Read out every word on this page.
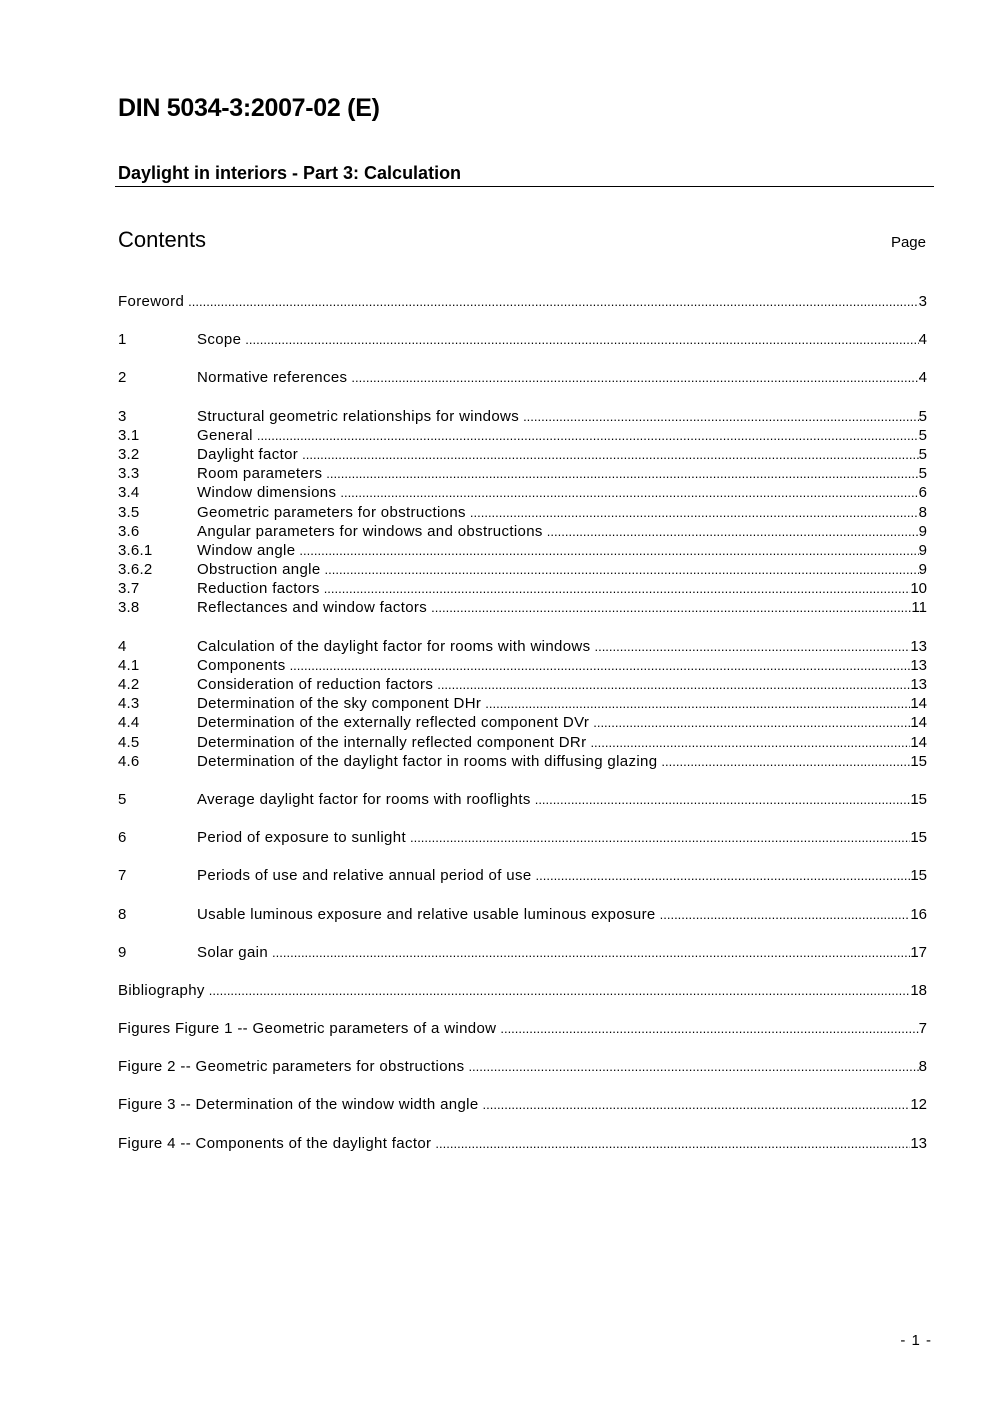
DIN 5034-3:2007-02 (E)
Daylight in interiors - Part 3: Calculation
Contents	Page
Foreword .....	3
1	Scope .....	4
2	Normative references .....	4
3	Structural geometric relationships for windows .....	5
3.1	General .....	5
3.2	Daylight factor .....	5
3.3	Room parameters .....	5
3.4	Window dimensions .....	6
3.5	Geometric parameters for obstructions .....	8
3.6	Angular parameters for windows and obstructions .....	9
3.6.1	Window angle .....	9
3.6.2	Obstruction angle .....	9
3.7	Reduction factors .....	10
3.8	Reflectances and window factors .....	11
4	Calculation of the daylight factor for rooms with windows .....	13
4.1	Components .....	13
4.2	Consideration of reduction factors .....	13
4.3	Determination of the sky component DHr .....	14
4.4	Determination of the externally reflected component DVr .....	14
4.5	Determination of the internally reflected component DRr .....	14
4.6	Determination of the daylight factor in rooms with diffusing glazing .....	15
5	Average daylight factor for rooms with rooflights .....	15
6	Period of exposure to sunlight .....	15
7	Periods of use and relative annual period of use .....	15
8	Usable luminous exposure and relative usable luminous exposure .....	16
9	Solar gain .....	17
Bibliography .....	18
Figures Figure 1 -- Geometric parameters of a window .....	7
Figure 2 -- Geometric parameters for obstructions .....	8
Figure 3 -- Determination of the window width angle .....	12
Figure 4 -- Components of the daylight factor .....	13
- 1 -
